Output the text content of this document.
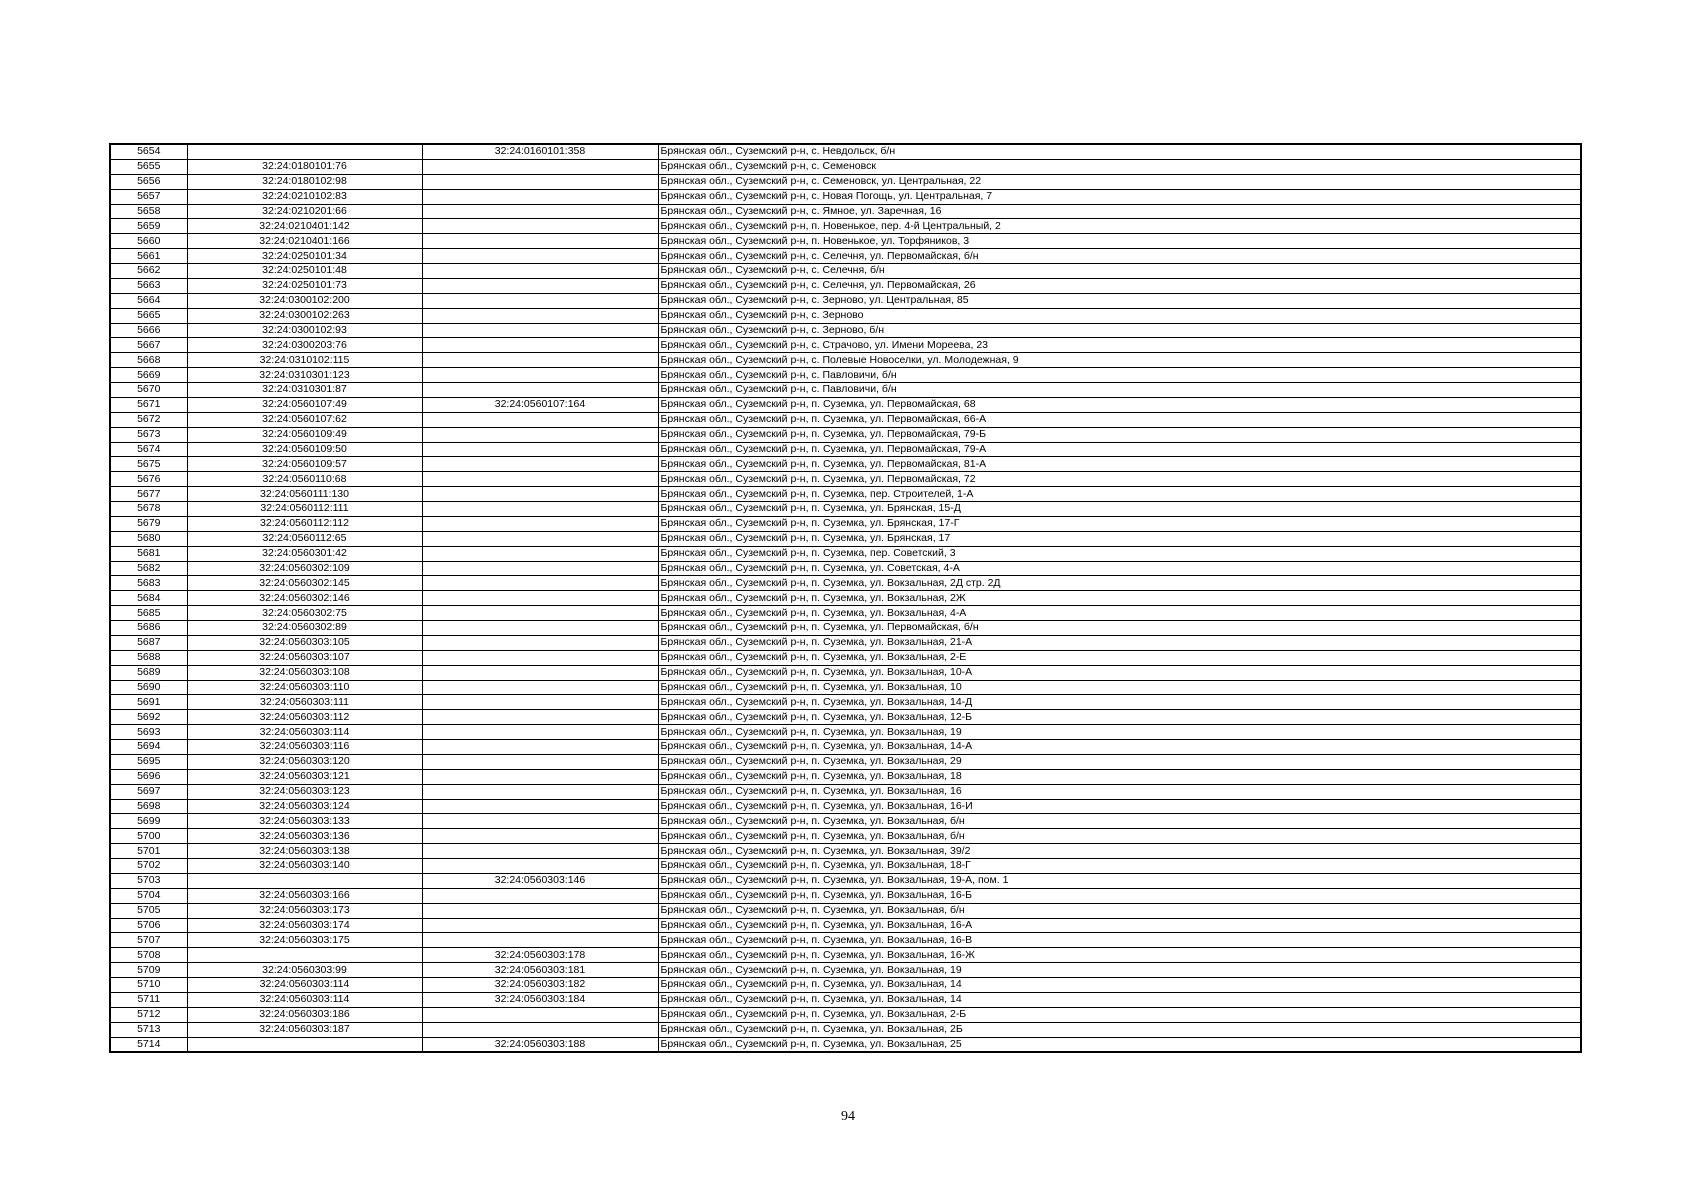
5654		32:24:0160101:358	Брянская обл., Суземский р-н, с. Невдольск, б/н
5655	32:24:0180101:76		Брянская обл., Суземский р-н, с. Семеновск
5656	32:24:0180102:98		Брянская обл., Суземский р-н, с. Семеновск, ул. Центральная, 22
5657	32:24:0210102:83		Брянская обл., Суземский р-н, с. Новая Погощь, ул. Центральная, 7
5658	32:24:0210201:66		Брянская обл., Суземский р-н, с. Ямное, ул. Заречная, 16
5659	32:24:0210401:142		Брянская обл., Суземский р-н, п. Новенькое, пер. 4-й Центральный, 2
5660	32:24:0210401:166		Брянская обл., Суземский р-н, п. Новенькое, ул. Торфяников, 3
5661	32:24:0250101:34		Брянская обл., Суземский р-н, с. Селечня, ул. Первомайская, б/н
5662	32:24:0250101:48		Брянская обл., Суземский р-н, с. Селечня, б/н
5663	32:24:0250101:73		Брянская обл., Суземский р-н, с. Селечня, ул. Первомайская, 26
5664	32:24:0300102:200		Брянская обл., Суземский р-н, с. Зерново, ул. Центральная, 85
5665	32:24:0300102:263		Брянская обл., Суземский р-н, с. Зерново
5666	32:24:0300102:93		Брянская обл., Суземский р-н, с. Зерново, б/н
5667	32:24:0300203:76		Брянская обл., Суземский р-н, с. Страчово, ул. Имени Мореева, 23
5668	32:24:0310102:115		Брянская обл., Суземский р-н, с. Полевые Новоселки, ул. Молодежная, 9
5669	32:24:0310301:123		Брянская обл., Суземский р-н, с. Павловичи, б/н
5670	32:24:0310301:87		Брянская обл., Суземский р-н, с. Павловичи, б/н
5671	32:24:0560107:49	32:24:0560107:164	Брянская обл., Суземский р-н, п. Суземка, ул. Первомайская, 68
5672	32:24:0560107:62		Брянская обл., Суземский р-н, п. Суземка, ул. Первомайская, 66-А
5673	32:24:0560109:49		Брянская обл., Суземский р-н, п. Суземка, ул. Первомайская, 79-Б
5674	32:24:0560109:50		Брянская обл., Суземский р-н, п. Суземка, ул. Первомайская, 79-А
5675	32:24:0560109:57		Брянская обл., Суземский р-н, п. Суземка, ул. Первомайская, 81-А
5676	32:24:0560110:68		Брянская обл., Суземский р-н, п. Суземка, ул. Первомайская, 72
5677	32:24:0560111:130		Брянская обл., Суземский р-н, п. Суземка, пер. Строителей, 1-А
5678	32:24:0560112:111		Брянская обл., Суземский р-н, п. Суземка, ул. Брянская, 15-Д
5679	32:24:0560112:112		Брянская обл., Суземский р-н, п. Суземка, ул. Брянская, 17-Г
5680	32:24:0560112:65		Брянская обл., Суземский р-н, п. Суземка, ул. Брянская, 17
5681	32:24:0560301:42		Брянская обл., Суземский р-н, п. Суземка, пер. Советский, 3
5682	32:24:0560302:109		Брянская обл., Суземский р-н, п. Суземка, ул. Советская, 4-А
5683	32:24:0560302:145		Брянская обл., Суземский р-н, п. Суземка, ул. Вокзальная, 2Д стр. 2Д
5684	32:24:0560302:146		Брянская обл., Суземский р-н, п. Суземка, ул. Вокзальная, 2Ж
5685	32:24:0560302:75		Брянская обл., Суземский р-н, п. Суземка, ул. Вокзальная, 4-А
5686	32:24:0560302:89		Брянская обл., Суземский р-н, п. Суземка, ул. Первомайская, б/н
5687	32:24:0560303:105		Брянская обл., Суземский р-н, п. Суземка, ул. Вокзальная, 21-А
5688	32:24:0560303:107		Брянская обл., Суземский р-н, п. Суземка, ул. Вокзальная, 2-Е
5689	32:24:0560303:108		Брянская обл., Суземский р-н, п. Суземка, ул. Вокзальная, 10-А
5690	32:24:0560303:110		Брянская обл., Суземский р-н, п. Суземка, ул. Вокзальная, 10
5691	32:24:0560303:111		Брянская обл., Суземский р-н, п. Суземка, ул. Вокзальная, 14-Д
5692	32:24:0560303:112		Брянская обл., Суземский р-н, п. Суземка, ул. Вокзальная, 12-Б
5693	32:24:0560303:114		Брянская обл., Суземский р-н, п. Суземка, ул. Вокзальная, 19
5694	32:24:0560303:116		Брянская обл., Суземский р-н, п. Суземка, ул. Вокзальная, 14-А
5695	32:24:0560303:120		Брянская обл., Суземский р-н, п. Суземка, ул. Вокзальная, 29
5696	32:24:0560303:121		Брянская обл., Суземский р-н, п. Суземка, ул. Вокзальная, 18
5697	32:24:0560303:123		Брянская обл., Суземский р-н, п. Суземка, ул. Вокзальная, 16
5698	32:24:0560303:124		Брянская обл., Суземский р-н, п. Суземка, ул. Вокзальная, 16-И
5699	32:24:0560303:133		Брянская обл., Суземский р-н, п. Суземка, ул. Вокзальная, б/н
5700	32:24:0560303:136		Брянская обл., Суземский р-н, п. Суземка, ул. Вокзальная, б/н
5701	32:24:0560303:138		Брянская обл., Суземский р-н, п. Суземка, ул. Вокзальная, 39/2
5702	32:24:0560303:140		Брянская обл., Суземский р-н, п. Суземка, ул. Вокзальная, 18-Г
5703		32:24:0560303:146	Брянская обл., Суземский р-н, п. Суземка, ул. Вокзальная, 19-А, пом. 1
5704	32:24:0560303:166		Брянская обл., Суземский р-н, п. Суземка, ул. Вокзальная, 16-Б
5705	32:24:0560303:173		Брянская обл., Суземский р-н, п. Суземка, ул. Вокзальная, б/н
5706	32:24:0560303:174		Брянская обл., Суземский р-н, п. Суземка, ул. Вокзальная, 16-А
5707	32:24:0560303:175		Брянская обл., Суземский р-н, п. Суземка, ул. Вокзальная, 16-В
5708		32:24:0560303:178	Брянская обл., Суземский р-н, п. Суземка, ул. Вокзальная, 16-Ж
5709	32:24:0560303:99	32:24:0560303:181	Брянская обл., Суземский р-н, п. Суземка, ул. Вокзальная, 19
5710	32:24:0560303:114	32:24:0560303:182	Брянская обл., Суземский р-н, п. Суземка, ул. Вокзальная, 14
5711	32:24:0560303:114	32:24:0560303:184	Брянская обл., Суземский р-н, п. Суземка, ул. Вокзальная, 14
5712	32:24:0560303:186		Брянская обл., Суземский р-н, п. Суземка, ул. Вокзальная, 2-Б
5713	32:24:0560303:187		Брянская обл., Суземский р-н, п. Суземка, ул. Вокзальная, 2Б
5714		32:24:0560303:188	Брянская обл., Суземский р-н, п. Суземка, ул. Вокзальная, 25
94
